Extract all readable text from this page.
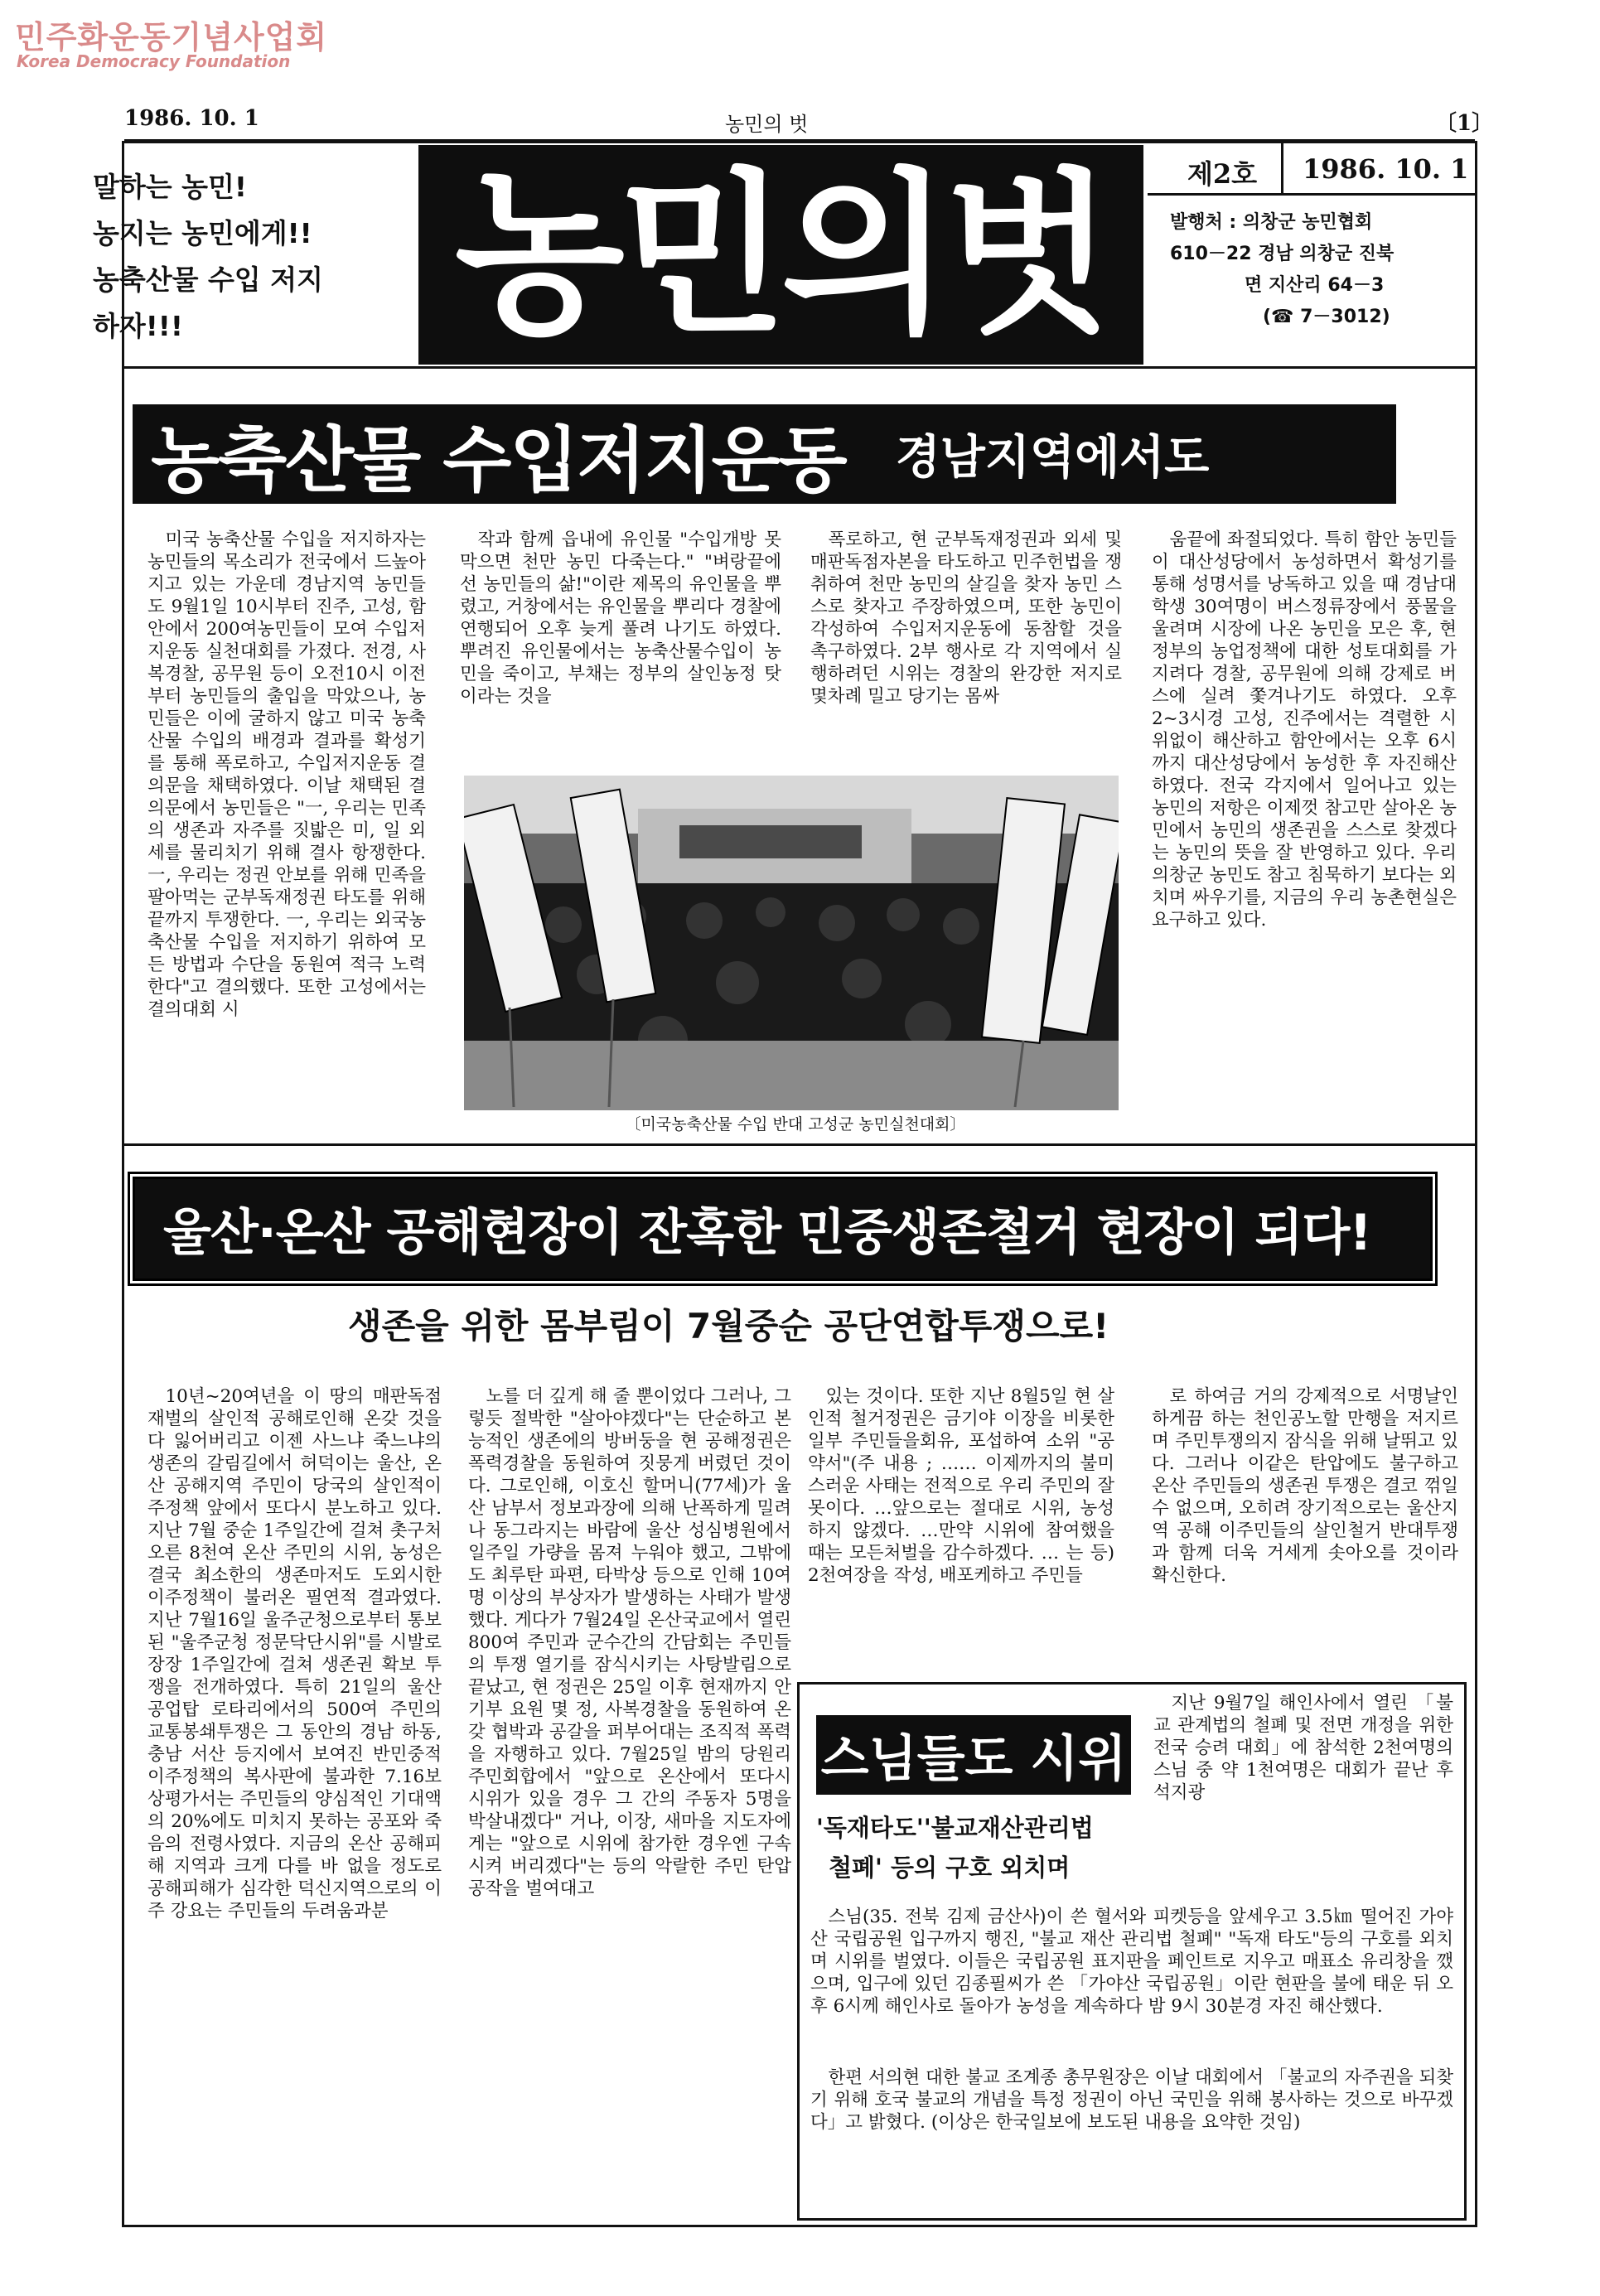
민주화운동기념사업회
Korea Democracy Foundation
1986. 10. 1	농민의 벗	〔1〕
말하는 농민!
농지는 농민에게!!
농축산물 수입 저지
하자!!!	농민의벗	제2호 1986. 10. 1
발행처 : 의창군 농민협회
610－22 경남 의창군 진북
면 지산리 64－3
(☎ 7－3012)
농축산물 수입저지운동 경남지역에서도

미국 농축산물 수입을 저지하자는 농민들의 목소리가 전국에서 드높아지고 있는 가운데 경남지역 농민들도 9월1일 10시부터 진주, 고성, 함안에서 200여농민들이 모여 수입저지운동 실천대회를 가졌다. 전경, 사복경찰, 공무원 등이 오전10시 이전부터 농민들의 출입을 막았으나, 농민들은 이에 굴하지 않고 미국 농축산물 수입의 배경과 결과를 확성기를 통해 폭로하고, 수입저지운동 결의문을 채택하였다. 이날 채택된 결의문에서 농민들은 "一, 우리는 민족의 생존과 자주를 짓밟은 미, 일 외세를 물리치기 위해 결사 항쟁한다. 一, 우리는 정권 안보를 위해 민족을 팔아먹는 군부독재정권 타도를 위해 끝까지 투쟁한다. 一, 우리는 외국농축산물 수입을 저지하기 위하여 모든 방법과 수단을 동원여 적극 노력한다"고 결의했다. 또한 고성에서는 결의대회 시

작과 함께 읍내에 유인물 "수입개방 못막으면 천만 농민 다죽는다." "벼랑끝에 선 농민들의 삶!"이란 제목의 유인물을 뿌렸고, 거창에서는 유인물을 뿌리다 경찰에 연행되어 오후 늦게 풀려 나기도 하였다. 뿌려진 유인물에서는 농축산물수입이 농민을 죽이고, 부채는 정부의 살인농정 탓이라는 것을

폭로하고, 현 군부독재정권과 외세 및 매판독점자본을 타도하고 민주헌법을 쟁취하여 천만 농민의 살길을 찾자 농민 스스로 찾자고 주장하였으며, 또한 농민이 각성하여 수입저지운동에 동참할 것을 촉구하였다. 2부 행사로 각 지역에서 실행하려던 시위는 경찰의 완강한 저지로 몇차례 밀고 당기는 몸싸

움끝에 좌절되었다. 특히 함안 농민들이 대산성당에서 농성하면서 확성기를 통해 성명서를 낭독하고 있을 때 경남대학생 30여명이 버스정류장에서 풍물을 울려며 시장에 나온 농민을 모은 후, 현 정부의 농업정책에 대한 성토대회를 가지려다 경찰, 공무원에 의해 강제로 버스에 실려 쫓겨나기도 하였다. 오후 2~3시경 고성, 진주에서는 격렬한 시위없이 해산하고 함안에서는 오후 6시까지 대산성당에서 농성한 후 자진해산하였다. 전국 각지에서 일어나고 있는 농민의 저항은 이제껏 참고만 살아온 농민에서 농민의 생존권을 스스로 찾겠다는 농민의 뜻을 잘 반영하고 있다. 우리 의창군 농민도 참고 침묵하기 보다는 외치며 싸우기를, 지금의 우리 농촌현실은 요구하고 있다.

〔미국농축산물 수입 반대 고성군 농민실천대회〕
울산·온산 공해현장이 잔혹한 민중생존철거 현장이 되다!
생존을 위한 몸부림이 7월중순 공단연합투쟁으로!

10년~20여년을 이 땅의 매판독점 재벌의 살인적 공해로인해 온갖 것을 다 잃어버리고 이젠 사느냐 죽느냐의 생존의 갈림길에서 허덕이는 울산, 온산 공해지역 주민이 당국의 살인적이주정책 앞에서 또다시 분노하고 있다. 지난 7월 중순 1주일간에 걸쳐 촛구처 오른 8천여 온산 주민의 시위, 농성은 결국 최소한의 생존마저도 도외시한 이주정책이 불러온 필연적 결과였다. 지난 7월16일 울주군청으로부터 통보된 "울주군청 정문닥단시위"를 시발로 장장 1주일간에 걸쳐 생존권 확보 투쟁을 전개하였다. 특히 21일의 울산 공업탑 로타리에서의 500여 주민의 교통봉쇄투쟁은 그 동안의 경남 하동, 충남 서산 등지에서 보여진 반민중적 이주정책의 복사판에 불과한 7.16보상평가서는 주민들의 양심적인 기대액의 20%에도 미치지 못하는 공포와 죽음의 전령사였다. 지금의 온산 공해피해 지역과 크게 다를 바 없을 정도로 공해피해가 심각한 덕신지역으로의 이주 강요는 주민들의 두려움과분

노를 더 깊게 해 줄 뿐이었다 그러나, 그렇듯 절박한 "살아야겠다"는 단순하고 본능적인 생존에의 방버둥을 현 공해정권은 폭력경찰을 동원하여 짓뭉게 버렸던 것이다. 그로인해, 이호신 할머니(77세)가 울산 남부서 정보과장에 의해 난폭하게 밀려나 동그라지는 바람에 울산 성심병원에서 일주일 가량을 몸져 누워야 했고, 그밖에도 최루탄 파편, 타박상 등으로 인해 10여명 이상의 부상자가 발생하는 사태가 발생했다. 게다가 7월24일 온산국교에서 열린 800여 주민과 군수간의 간담회는 주민들의 투쟁 열기를 잠식시키는 사탕발림으로 끝났고, 현 정권은 25일 이후 현재까지 안기부 요원 몇 정, 사복경찰을 동원하여 온갖 협박과 공갈을 퍼부어대는 조직적 폭력을 자행하고 있다. 7월25일 밤의 당원리 주민회합에서 "앞으로 온산에서 또다시 시위가 있을 경우 그 간의 주동자 5명을 박살내겠다" 거나, 이장, 새마을 지도자에게는 "앞으로 시위에 참가한 경우엔 구속시켜 버리겠다"는 등의 악랄한 주민 탄압공작을 벌여대고

있는 것이다. 또한 지난 8월5일 현 살인적 철거정권은 금기야 이장을 비롯한 일부 주민들을회유, 포섭하여 소위 "공약서"(주 내용 ; …… 이제까지의 불미스러운 사태는 전적으로 우리 주민의 잘못이다. …앞으로는 절대로 시위, 농성하지 않겠다. …만약 시위에 참여했을 때는 모든처벌을 감수하겠다. … 는 등) 2천여장을 작성, 배포케하고 주민들

로 하여금 거의 강제적으로 서명날인하게끔 하는 천인공노할 만행을 저지르며 주민투쟁의지 잠식을 위해 날뛰고 있다. 그러나 이같은 탄압에도 불구하고 온산 주민들의 생존권 투쟁은 결코 꺾일 수 없으며, 오히려 장기적으로는 울산지역 공해 이주민들의 살인철거 반대투쟁과 함께 더욱 거세게 솟아오를 것이라 확신한다.

스님들도 시위
'독재타도''불교재산관리법
철폐' 등의 구호 외치며

지난 9월7일 해인사에서 열린 「불교 관계법의 철폐 및 전면 개정을 위한 전국 승려 대회」에 참석한 2천여명의 스님 중 약 1천여명은 대회가 끝난 후 석지광

스님(35. 전북 김제 금산사)이 쓴 혈서와 피켓등을 앞세우고 3.5㎞ 떨어진 가야산 국립공원 입구까지 행진, "불교 재산 관리법 철폐" "독재 타도"등의 구호를 외치며 시위를 벌였다. 이들은 국립공원 표지판을 페인트로 지우고 매표소 유리창을 깼으며, 입구에 있던 김종필씨가 쓴 「가야산 국립공원」이란 현판을 불에 태운 뒤 오후 6시께 해인사로 돌아가 농성을 계속하다 밤 9시 30분경 자진 해산했다.

한편 서의현 대한 불교 조계종 총무원장은 이날 대회에서 「불교의 자주권을 되찾기 위해 호국 불교의 개념을 특정 정권이 아닌 국민을 위해 봉사하는 것으로 바꾸겠다」고 밝혔다. (이상은 한국일보에 보도된 내용을 요약한 것임)
